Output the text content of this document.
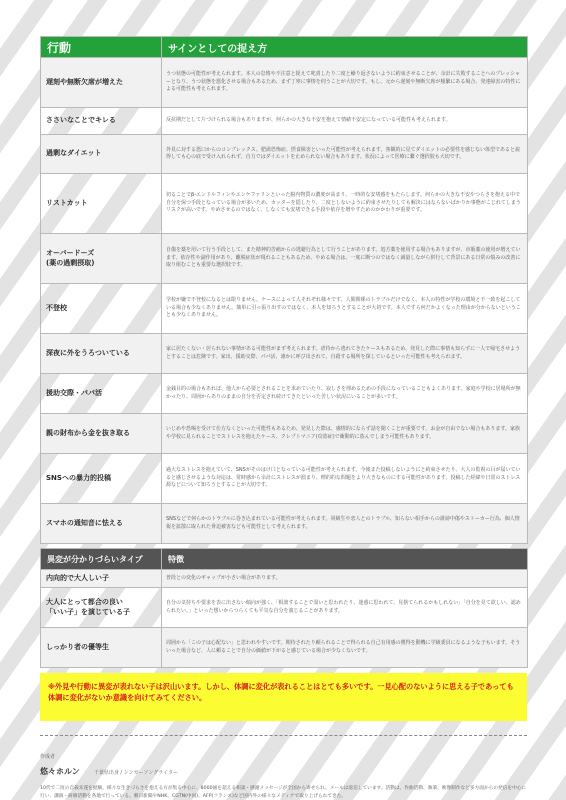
行動	サインとしての捉え方
遅刻や無断欠席が増えた	うつ状態の可能性が考えられます。本人の怠惰や不注意と捉えて叱責したり二度と繰り返さないように約束させることが、余計に失敗することへのプレッシャーとなり、うつ状態を悪化させる場合もあるため、まず丁寧に事情を伺うことが大切です。もし、元から遅刻や無断欠席が頻繁にある場合、発達障害の特性による可能性も考えられます。
ささいなことでキレる	反抗期だとして片づけられる場合もありますが、何らかの大きな不安を抱えて情緒不安定になっている可能性も考えられます。
過剰なダイエット	外見に対する悪口からのコンプレックス、肥満恐怖症、摂食障害といった可能性が考えられます。客観的に見てダイエットの必要性を感じない体型であると説得しても心の底で受け入れられず、自力ではダイエットを止められない場合もあります。状況によって医療に繋ぐ選択肢も大切です。
リストカット	切ることでβ-エンドルフィンやエンケファリンといった脳内物質の濃度が高まり、一時的な安堵感をもたらします。何らかの大きな不安やつらさを抱える中で自分を保つ手段となっている場合が多いため、カッターを隠したり、二度としないように約束させたりしても解決にはならないばかりか事態がこじれてしまうリスクが高いです。やめさせるのではなく、しなくても安堵できる手段や依存を増やすためのかかわりが重要です。
オーバードーズ
(薬の過剰摂取)	自傷を薬を用いて行う手段として、また精神的苦痛からの逃避行為として行うことがあります。処方薬を使用する場合もありますが、市販薬の使用が増えています。依存性や副作用があり、離脱症状が現れることもあるため、やめる場合は、一度に断つのではなく減量しながら併行して背景にある日常の悩みの改善に取り組むことも重要な選択肢です。
不登校	学校が嫌で不登校になるとは限りません。ケースによって人それぞれ様々です。人間関係のトラブルだけでなく、本人の特性が学校の環境と不一致を起こしている場合も少なくありません。簡単に引っ張り出すのではなく、本人を知ろうとすることが大切です。本人ですら何だかよくなった理由が分からないということも少なくありません。
深夜に外をうろついている	家に居たくない・居られない事情がある可能性がまず考えられます。虐待から逃れてきたケースもあるため、発見した際に事情も知らずに一人で帰宅させようとすることは危険です。家出、援助交際、パパ活、誰かに呼び出されて、自殺する場所を探しているといった可能性も考えられます。
援助交際・パパ活	金銭目的の場合もあれば、他人から必要とされることを求めていたり、寂しさを埋めるための手段になっていることもよくあります。家庭や学校に居場所が無かったり、周囲からありのままの自分を否定され続けてきたといった苦しい状況にいることが多いです。
親の財布から金を抜き取る	いじめや恐喝を受けて仕方なくといった可能性もあるため、発見した際は、感情的にならず話を聞くことが重要です。お金が自由でない場合もあります。家族や学校に見られることでストレスを抱えたケース、クレプトマニア(窃盗症)で衝動的に盗んでしまう可能性もあります。
SNSへの暴力的投稿	過大なストレスを抱えていて、SNSがそのはけ口となっている可能性が考えられます。今後また投稿しないようにと約束させたり、大人の監視の目が届いていると感じさせるような対応は、常時感から余計にストレスが溜まり、標的的な問題をより大きなものにする可能性があります。投稿した経緯や日常のストレス源などについて知ろうとすることが大切です。
スマホの通知音に怯える	SNSなどで何らかのトラブルに巻き込まれている可能性が考えられます。同級生や恋人とのトラブル、知らない相手からの誹謗中傷やストーカー行為、個人情報を拡散に取られた脅迫被害なども可能性として考えられます。
異変が分かりづらいタイプ	特徴
内向的で大人しい子	普段との変化のギャップが小さい場合があります。
大人にとって都合の良い
「いい子」を演じている子	自分の気持ちや要求を表に出さない傾向が強く、「相談することで弱いと思われたり、迷惑に思われて、見捨てられるかもしれない」「自分を見て欲しい、認められたい。」といった想いからつらくても平気な自分を演じることがあります。
しっかり者の優等生	周囲から「この子は心配ない」と思われやすいです。期待されたり頼られることで得られる自己有用感の獲得を動機に学級委員になるような子もいます。そういった場合など、人に頼ることで自分の価値が下がると感じている場合が少なくないです。
※外見や行動に異変が表れない子は沢山います。しかし、体調に変化が表れることはとても多いです。一見心配のないように思える子であっても体調に変化がないか意識を向けてみてください。
作成者
悠々ホルン	千葉県出身 / シンガーソングライター
10代で二度の自殺未遂を経験。様々な生きづらさを抱える方が集る中心に、8000通を超える相談・感謝メッセージが全国から寄せられ、メールは返信しています。活動は、作曲活動、執筆、映像制作など多方面からの発信を中心に行い、講演・研修活動を各地で行っている。朝日新聞やNHK、CGTN(中国)、AFP(フランス)など国内外の様々なメディアで取り上げられてきた。
